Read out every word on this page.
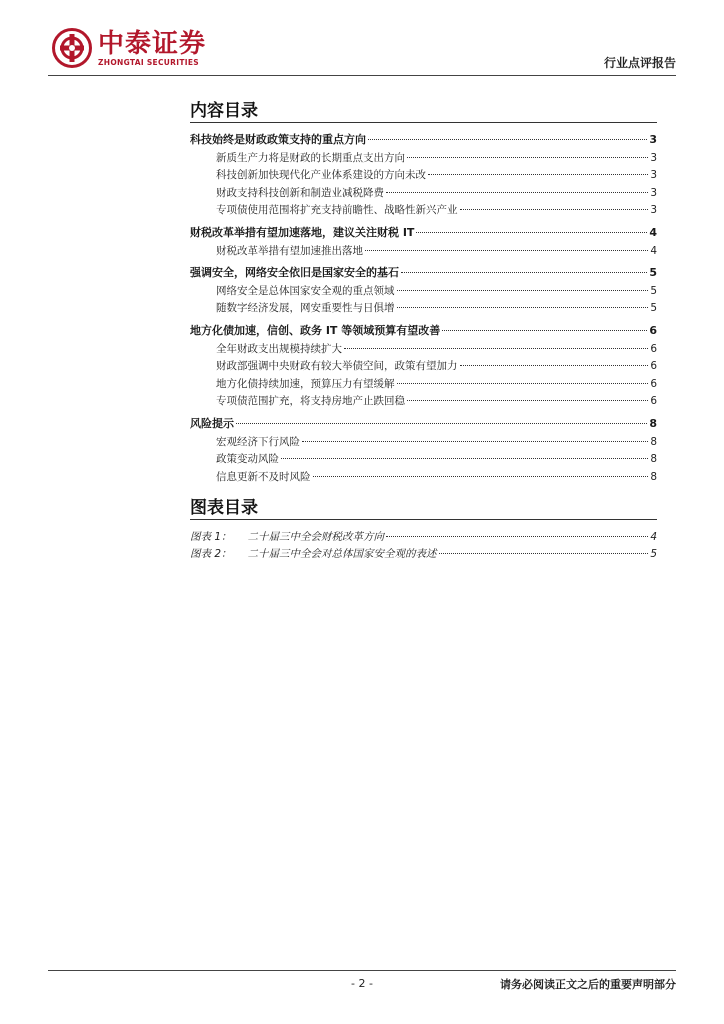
中泰证券
ZHONGTAI SECURITIES	行业点评报告
内容目录
科技始终是财政政策支持的重点方向	3
新质生产力将是财政的长期重点支出方向	3
科技创新加快现代化产业体系建设的方向未改	3
财政支持科技创新和制造业减税降费	3
专项债使用范围将扩充支持前瞻性、战略性新兴产业	3
财税改革举措有望加速落地，建议关注财税 IT	4
财税改革举措有望加速推出落地	4
强调安全，网络安全依旧是国家安全的基石	5
网络安全是总体国家安全观的重点领域	5
随数字经济发展，网安重要性与日俱增	5
地方化债加速，信创、政务 IT 等领域预算有望改善	6
全年财政支出规模持续扩大	6
财政部强调中央财政有较大举债空间，政策有望加力	6
地方化债持续加速，预算压力有望缓解	6
专项债范围扩充，将支持房地产止跌回稳	6
风险提示	8
宏观经济下行风险	8
政策变动风险	8
信息更新不及时风险	8
图表目录
图表 1： 二十届三中全会财税改革方向	4
图表 2： 二十届三中全会对总体国家安全观的表述	5
- 2 -	请务必阅读正文之后的重要声明部分
